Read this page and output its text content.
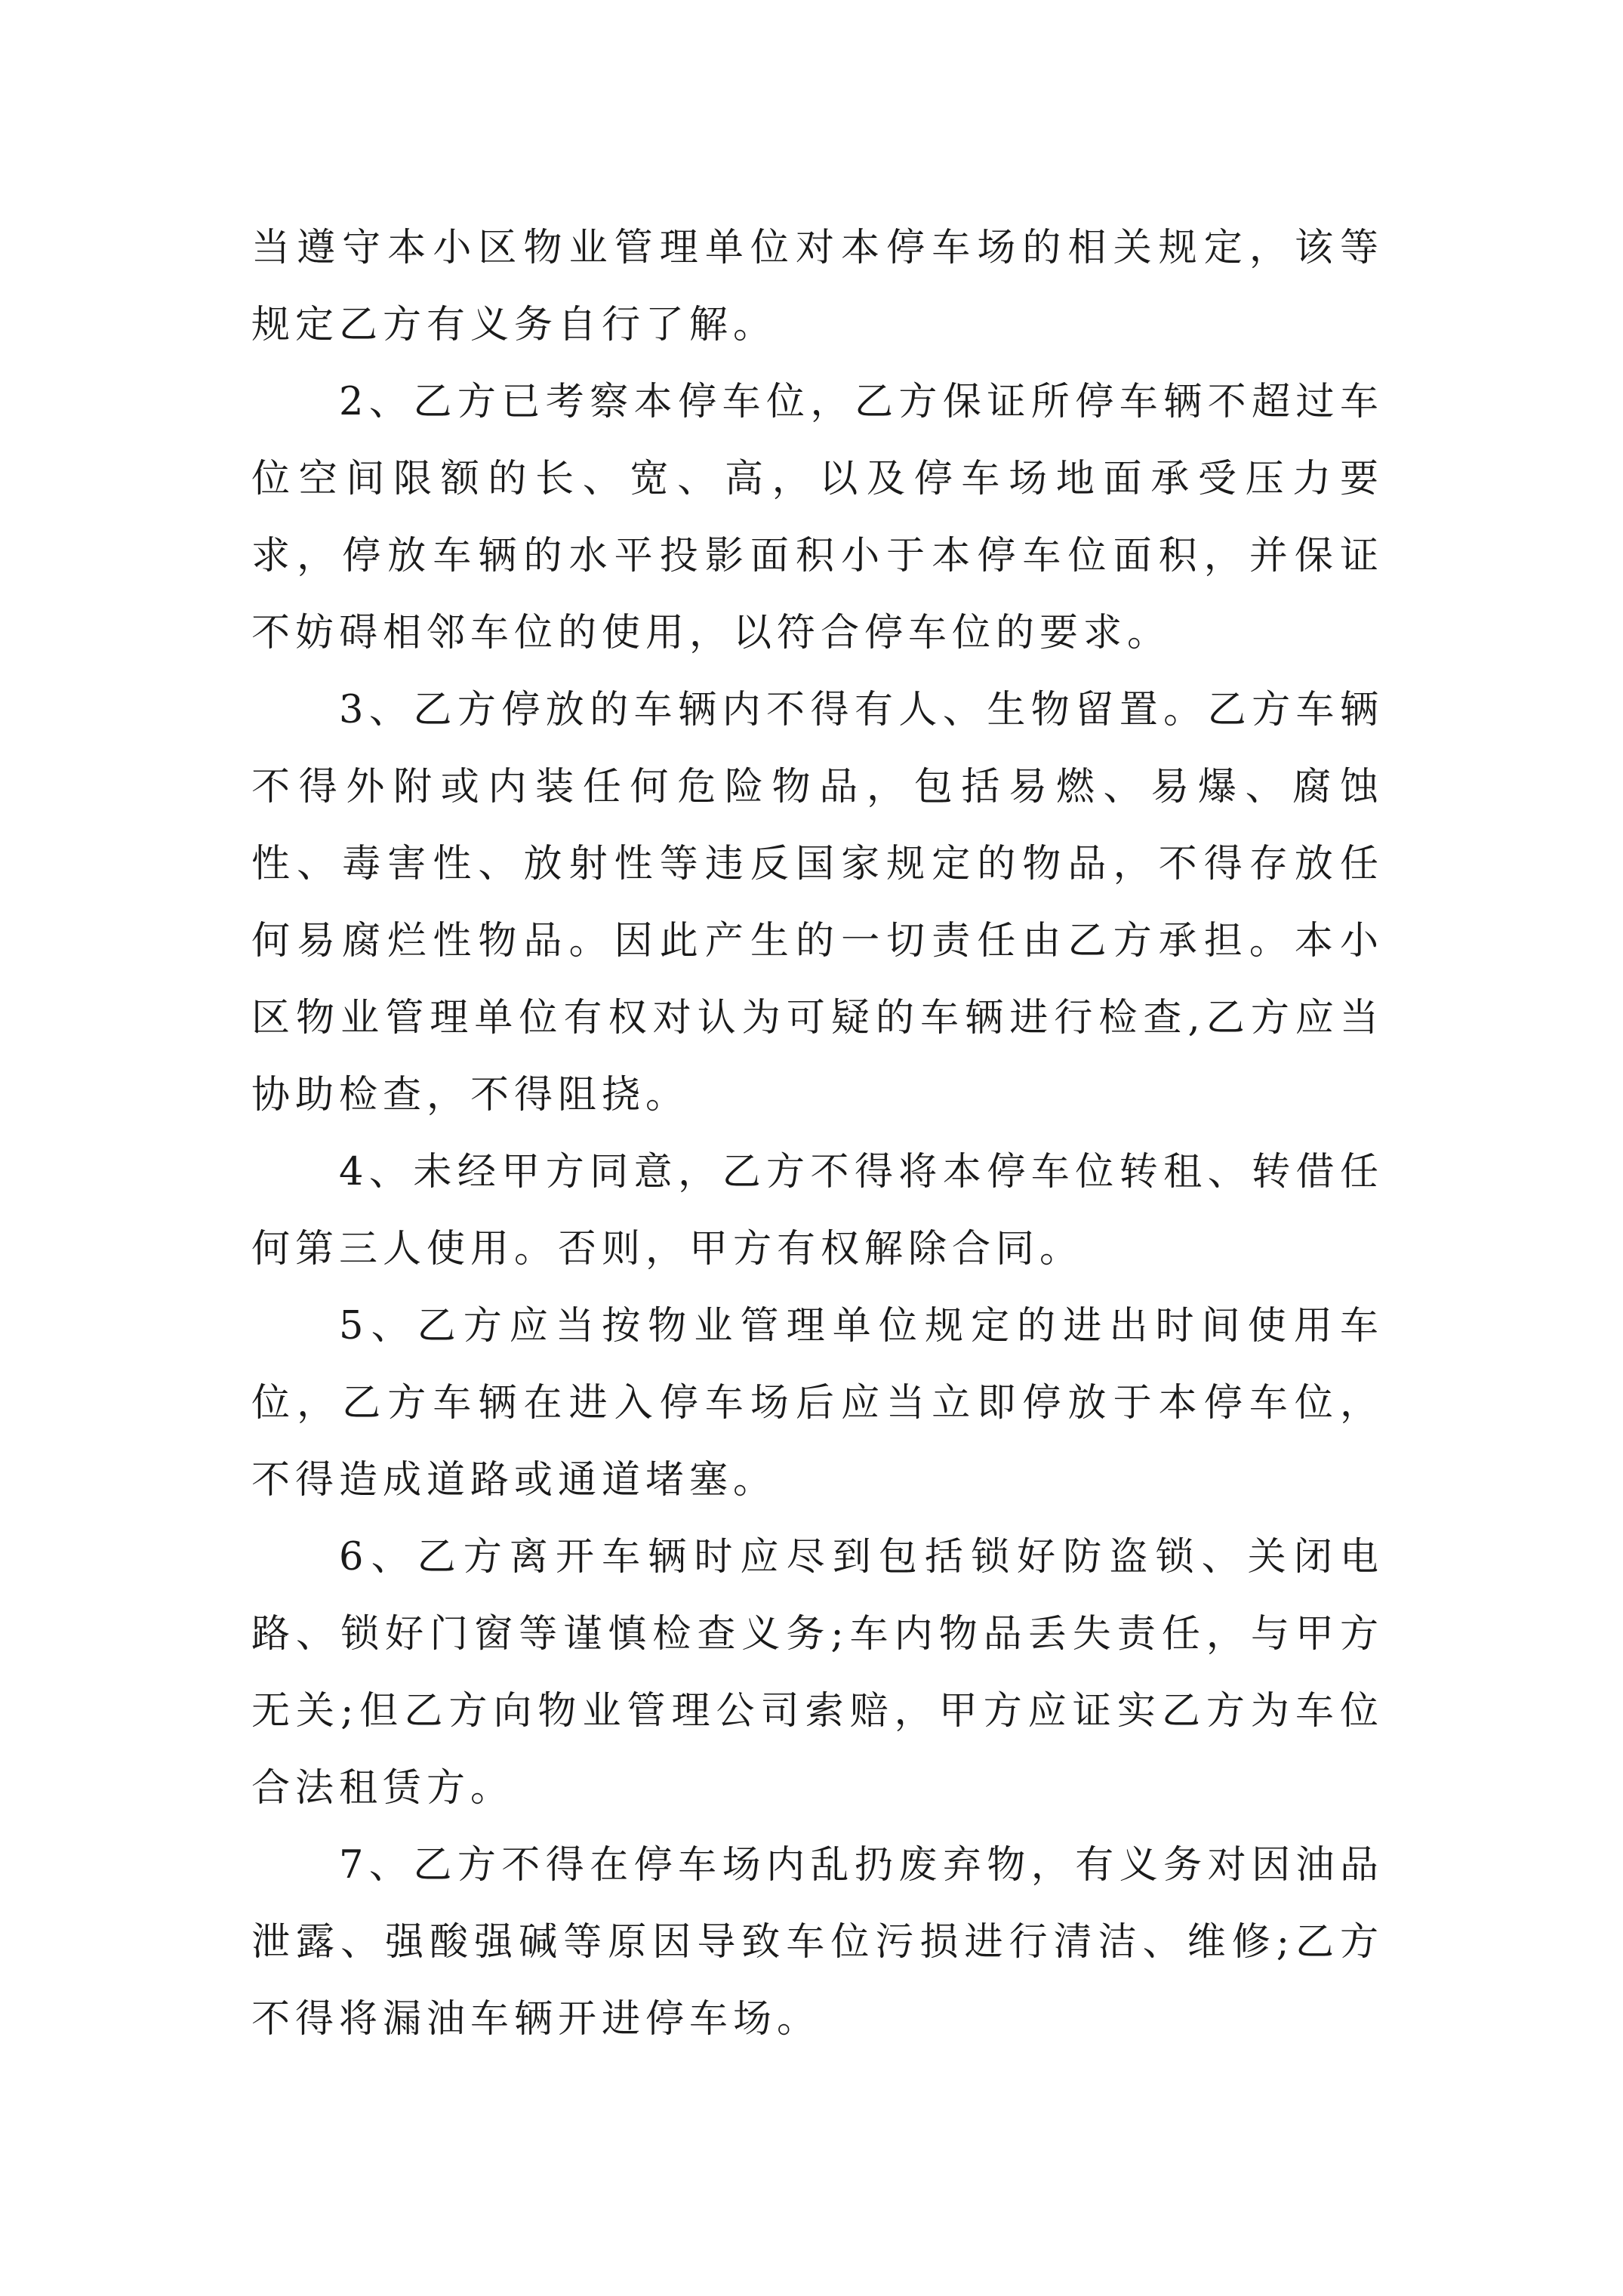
当遵守本小区物业管理单位对本停车场的相关规定，该等规定乙方有义务自行了解。

2、乙方已考察本停车位，乙方保证所停车辆不超过车位空间限额的长、宽、高，以及停车场地面承受压力要求，停放车辆的水平投影面积小于本停车位面积，并保证不妨碍相邻车位的使用，以符合停车位的要求。

3、乙方停放的车辆内不得有人、生物留置。乙方车辆不得外附或内装任何危险物品，包括易燃、易爆、腐蚀性、毒害性、放射性等违反国家规定的物品，不得存放任何易腐烂性物品。因此产生的一切责任由乙方承担。本小区物业管理单位有权对认为可疑的车辆进行检查,乙方应当协助检查，不得阻挠。

4、未经甲方同意，乙方不得将本停车位转租、转借任何第三人使用。否则，甲方有权解除合同。

5、乙方应当按物业管理单位规定的进出时间使用车位，乙方车辆在进入停车场后应当立即停放于本停车位，不得造成道路或通道堵塞。

6、乙方离开车辆时应尽到包括锁好防盗锁、关闭电路、锁好门窗等谨慎检查义务;车内物品丢失责任，与甲方无关;但乙方向物业管理公司索赔，甲方应证实乙方为车位合法租赁方。

7、乙方不得在停车场内乱扔废弃物，有义务对因油品泄露、强酸强碱等原因导致车位污损进行清洁、维修;乙方不得将漏油车辆开进停车场。
